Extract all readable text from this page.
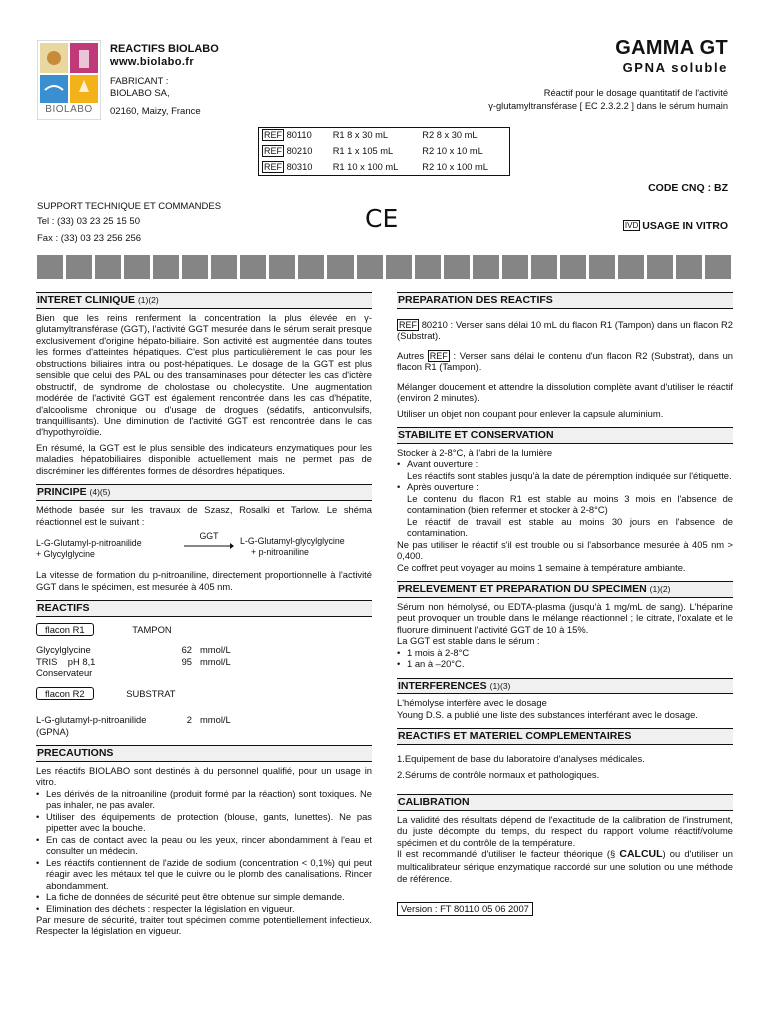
BIOLABO
REACTIFS BIOLABO
www.biolabo.fr
FABRICANT :
BIOLABO SA,
02160, Maizy, France
GAMMA GT
GPNA soluble
Réactif pour le dosage quantitatif de l'activité
γ-glutamyltransférase [ EC 2.3.2.2 ] dans le sérum humain
REF 80110	R1 8 x 30 mL	R2 8 x 30 mL
REF 80210	R1 1 x 105 mL	R2 10 x 10 mL
REF 80310	R1 10 x 100 mL	R2 10 x 100 mL
CODE CNQ : BZ
SUPPORT TECHNIQUE ET COMMANDES
Tel : (33) 03 23 25 15 50
Fax : (33) 03 23 256 256
CE	IVD USAGE IN VITRO
INTERET CLINIQUE (1)(2)

Bien que les reins renferment la concentration la plus élevée en γ-glutamyltransférase (GGT), l'activité GGT mesurée dans le sérum serait presque exclusivement d'origine hépato-biliaire. Son activité est augmentée dans toutes les formes d'atteintes hépatiques. C'est plus particulièrement le cas pour les obstructions biliaires intra ou post-hépatiques. Le dosage de la GGT est plus sensible que celui des PAL ou des transaminases pour détecter les cas d'ictère obstructif, de syndrome de cholostase ou cholecystite. Une augmentation modérée de l'activité GGT est également rencontrée dans les cas d'hépatite, d'alcoolisme chronique ou d'usage de drogues (sédatifs, anticonvulsifs, tranquillisants). Une diminution de l'activité GGT est rencontrée dans le cas d'hypothyroïdie.

En résumé, la GGT est le plus sensible des indicateurs enzymatiques pour les maladies hépatobiliaires disponible actuellement mais ne permet pas de discréminer les différentes formes de désordres hépatiques.

PRINCIPE (4)(5)

Méthode basée sur les travaux de Szasz, Rosalki et Tarlow. Le shéma réactionnel est le suivant :

L-G-Glutamyl-p-nitroanilide
+ Glycylglycine
GGT	L-G-Glutamyl-glycylglycine
+ p-nitroaniline

La vitesse de formation du p-nitroaniline, directement proportionnelle à l'activité GGT dans le spécimen, est mesurée à 405 nm.

REACTIFS
flacon R1	TAMPON
Glycylglycine	62 mmol/L
TRIS    pH 8,1	95 mmol/L
Conservateur
flacon R2	SUBSTRAT
L-G-glutamyl-p-nitroanilide	2 mmol/L
(GPNA)
PRECAUTIONS

Les réactifs BIOLABO sont destinés à du personnel qualifié, pour un usage in vitro.

• Les dérivés de la nitroaniline (produit formé par la réaction) sont toxiques. Ne pas inhaler, ne pas avaler.
• Utiliser des équipements de protection (blouse, gants, lunettes). Ne pas pipetter avec la bouche.
• En cas de contact avec la peau ou les yeux, rincer abondamment à l'eau et consulter un médecin.
• Les réactifs contiennent de l'azide de sodium (concentration < 0,1%) qui peut réagir avec les métaux tel que le cuivre ou le plomb des canalisations. Rincer abondamment.
• La fiche de données de sécurité peut être obtenue sur simple demande.
• Elimination des déchets : respecter la législation en vigueur.

Par mesure de sécurité, traiter tout spécimen comme potentiellement infectieux. Respecter la législation en vigueur.

PREPARATION DES REACTIFS

REF 80210 : Verser sans délai 10 mL du flacon R1 (Tampon) dans un flacon R2 (Substrat).

Autres REF : Verser sans délai le contenu d'un flacon R2 (Substrat), dans un flacon R1 (Tampon).

Mélanger doucement et attendre la dissolution complète avant d'utiliser le réactif (environ 2 minutes).

Utiliser un objet non coupant pour enlever la capsule aluminium.

STABILITE ET CONSERVATION

Stocker à 2-8°C, à l'abri de la lumière

• Avant ouverture :
Les réactifs sont stables jusqu'à la date de péremption indiquée sur l'étiquette.
• Après ouverture :
Le contenu du flacon R1 est stable au moins 3 mois en l'absence de contamination (bien refermer et stocker à 2-8°C)
Le réactif de travail est stable au moins 30 jours en l'absence de contamination.

Ne pas utiliser le réactif s'il est trouble ou si l'absorbance mesurée à 405 nm > 0,400.

Ce coffret peut voyager au moins 1 semaine à température ambiante.

PRELEVEMENT ET PREPARATION DU SPECIMEN (1)(2)

Sérum non hémolysé, ou EDTA-plasma (jusqu'à 1 mg/mL de sang). L'héparine peut provoquer un trouble dans le mélange réactionnel ; le citrate, l'oxalate et le fluorure diminuent l'activité GGT de 10 à 15%.

La GGT est stable dans le sérum :

• 1 mois à 2-8°C
• 1 an à –20°C.
INTERFERENCES (1)(3)

L'hémolyse interfère avec le dosage

Young D.S. a publié une liste des substances interférant avec le dosage.

REACTIFS ET MATERIEL COMPLEMENTAIRES

1.Equipement de base du laboratoire d'analyses médicales.

2.Sérums de contrôle normaux et pathologiques.

CALIBRATION

La validité des résultats dépend de l'exactitude de la calibration de l'instrument, du juste décompte du temps, du respect du rapport volume réactif/volume spécimen et du contrôle de la température.

Il est recommandé d'utiliser le facteur théorique (§ CALCUL) ou d'utiliser un multicalibrateur sérique enzymatique raccordé sur une solution ou une méthode de référence.

Version : FT 80110 05 06 2007
